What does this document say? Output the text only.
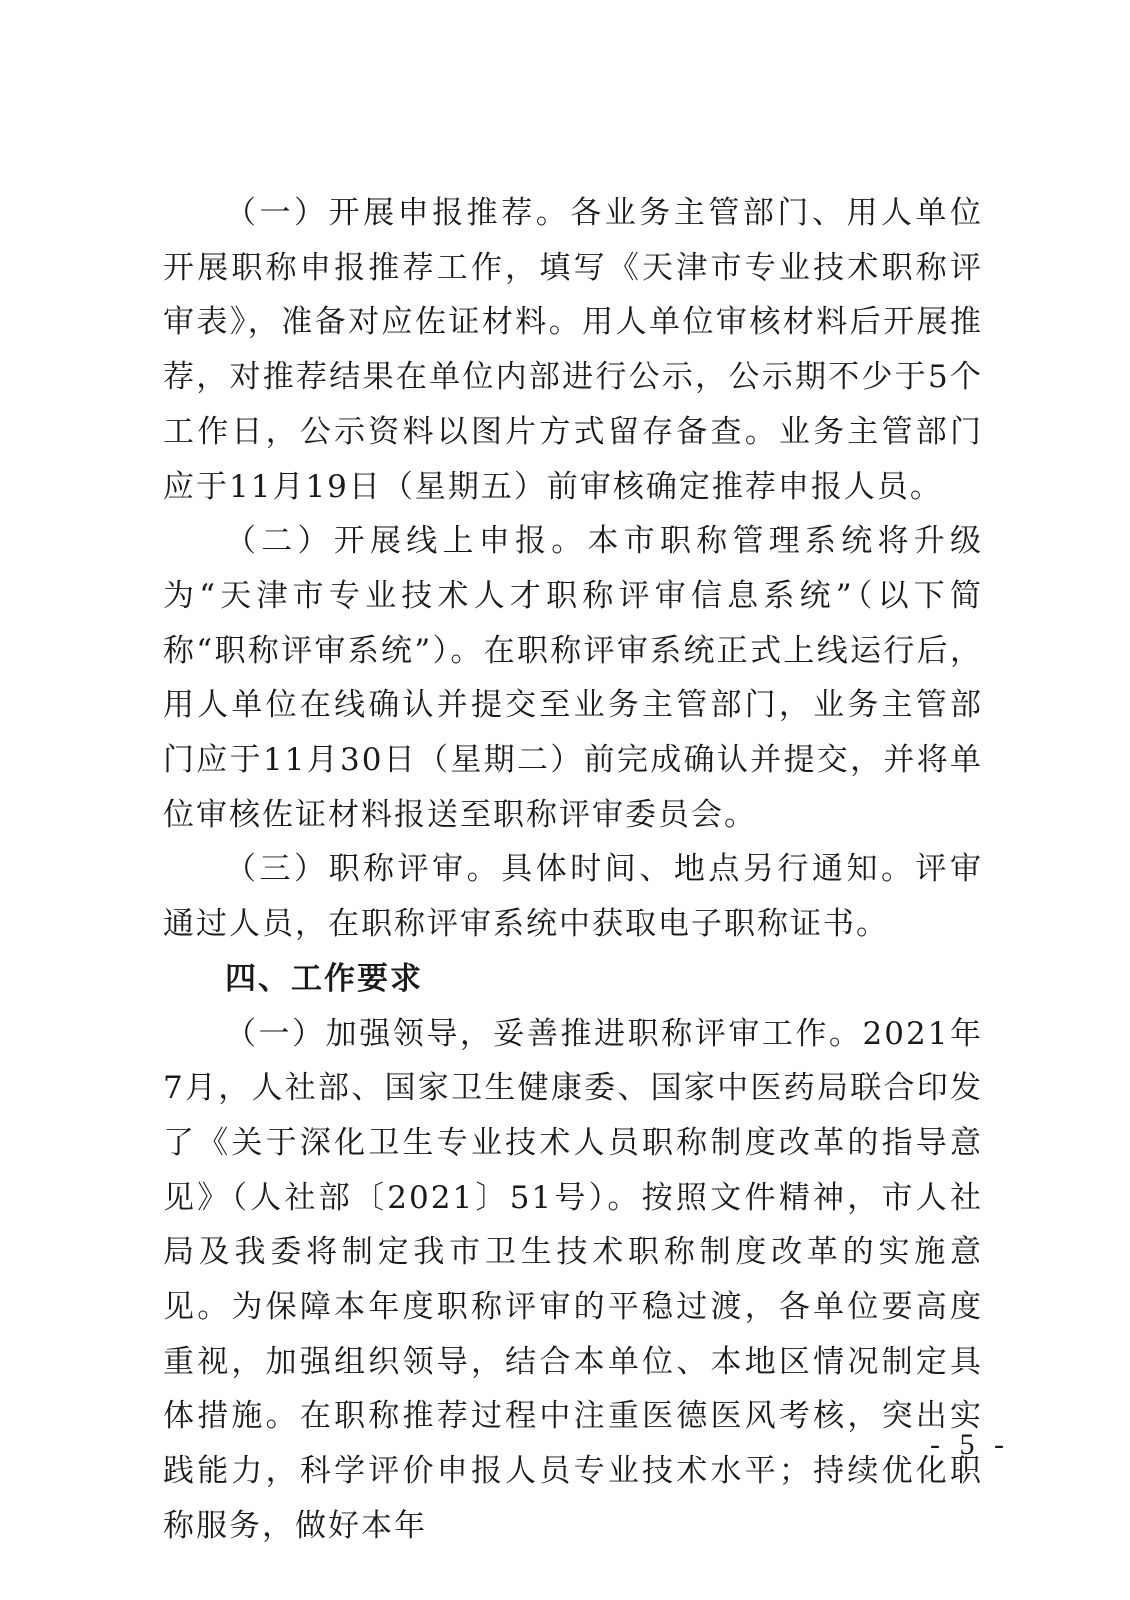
（一）开展申报推荐。各业务主管部门、用人单位开展职称申报推荐工作，填写《天津市专业技术职称评审表》，准备对应佐证材料。用人单位审核材料后开展推荐，对推荐结果在单位内部进行公示，公示期不少于5个工作日，公示资料以图片方式留存备查。业务主管部门应于11月19日（星期五）前审核确定推荐申报人员。

（二）开展线上申报。本市职称管理系统将升级为“天津市专业技术人才职称评审信息系统”（以下简称“职称评审系统”）。在职称评审系统正式上线运行后，用人单位在线确认并提交至业务主管部门，业务主管部门应于11月30日（星期二）前完成确认并提交，并将单位审核佐证材料报送至职称评审委员会。

（三）职称评审。具体时间、地点另行通知。评审通过人员，在职称评审系统中获取电子职称证书。

四、工作要求

（一）加强领导，妥善推进职称评审工作。2021年7月，人社部、国家卫生健康委、国家中医药局联合印发了《关于深化卫生专业技术人员职称制度改革的指导意见》（人社部〔2021〕51号）。按照文件精神，市人社局及我委将制定我市卫生技术职称制度改革的实施意见。为保障本年度职称评审的平稳过渡，各单位要高度重视，加强组织领导，结合本单位、本地区情况制定具体措施。在职称推荐过程中注重医德医风考核，突出实践能力，科学评价申报人员专业技术水平；持续优化职称服务，做好本年

- 5 -
